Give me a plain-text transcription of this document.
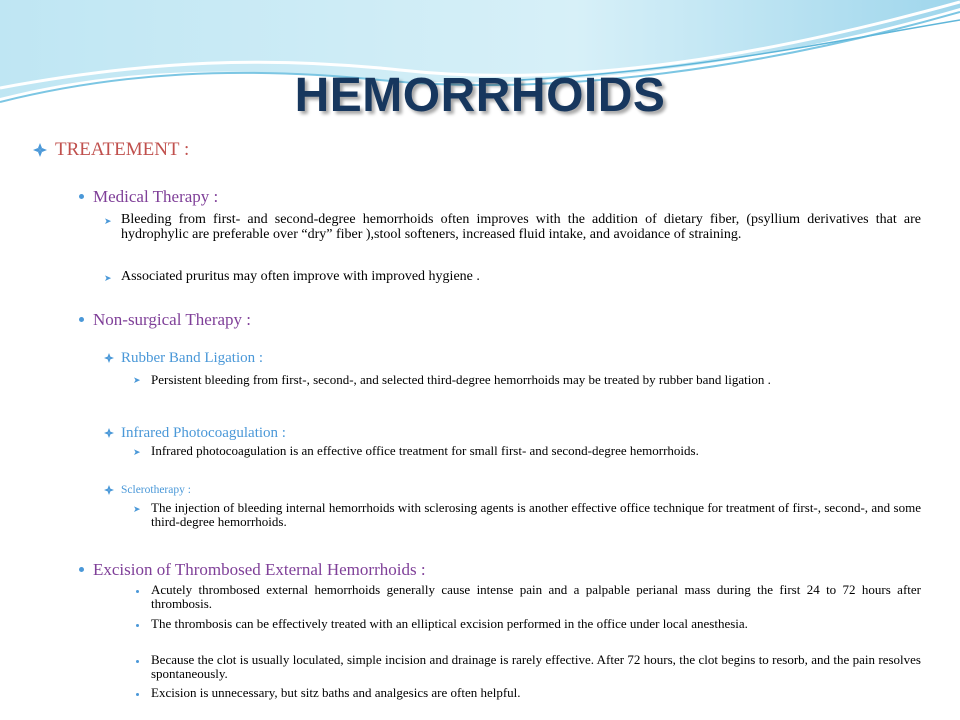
HEMORRHOIDS
TREATEMENT :
Medical Therapy :
➤ Bleeding from first- and second-degree hemorrhoids often improves with the addition of dietary fiber, (psyllium derivatives that are hydrophylic are preferable over “dry” fiber ),stool softeners, increased fluid intake, and avoidance of straining.
➤ Associated pruritus may often improve with improved hygiene .
Non-surgical Therapy :
Rubber Band Ligation :
➤ Persistent bleeding from first-, second-, and selected third-degree hemorrhoids may be treated by rubber band ligation .
Infrared Photocoagulation :
➤ Infrared photocoagulation is an effective office treatment for small first- and second-degree hemorrhoids.
Sclerotherapy :
➤ The injection of bleeding internal hemorrhoids with sclerosing agents is another effective office technique for treatment of first-, second-, and some third-degree hemorrhoids.
Excision of Thrombosed External Hemorrhoids :
Acutely thrombosed external hemorrhoids generally cause intense pain and a palpable perianal mass during the first 24 to 72 hours after thrombosis.
The thrombosis can be effectively treated with an elliptical excision performed in the office under local anesthesia.
Because the clot is usually loculated, simple incision and drainage is rarely effective. After 72 hours, the clot begins to resorb, and the pain resolves spontaneously.
Excision is unnecessary, but sitz baths and analgesics are often helpful.
